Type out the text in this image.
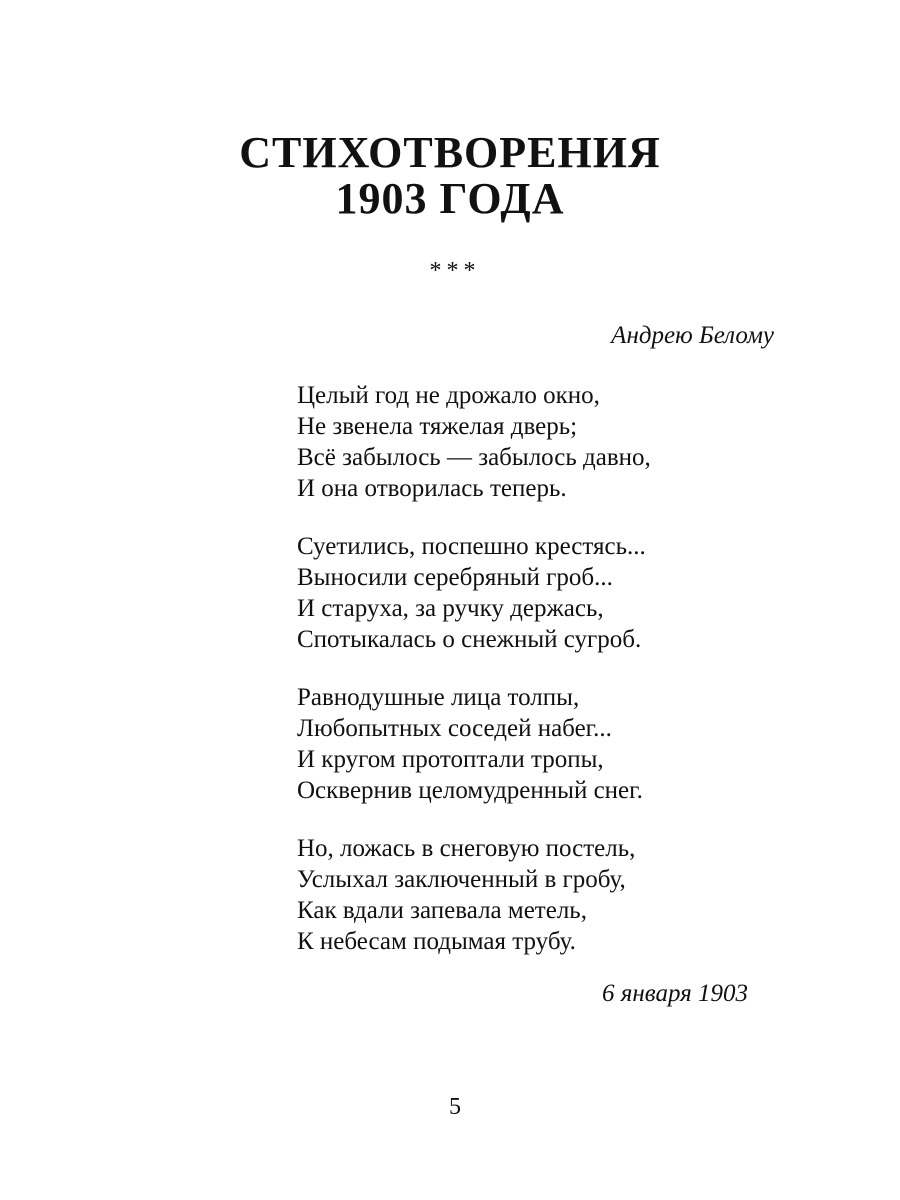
СТИХОТВОРЕНИЯ
1903 ГОДА
***
Андрею Белому
Целый год не дрожало окно,
Не звенела тяжелая дверь;
Всё забылось — забылось давно,
И она отворилась теперь.
Суетились, поспешно крестясь...
Выносили серебряный гроб...
И старуха, за ручку держась,
Спотыкалась о снежный сугроб.
Равнодушные лица толпы,
Любопытных соседей набег...
И кругом протоптали тропы,
Осквернив целомудренный снег.
Но, ложась в снеговую постель,
Услыхал заключенный в гробу,
Как вдали запевала метель,
К небесам подымая трубу.
6 января 1903
5
